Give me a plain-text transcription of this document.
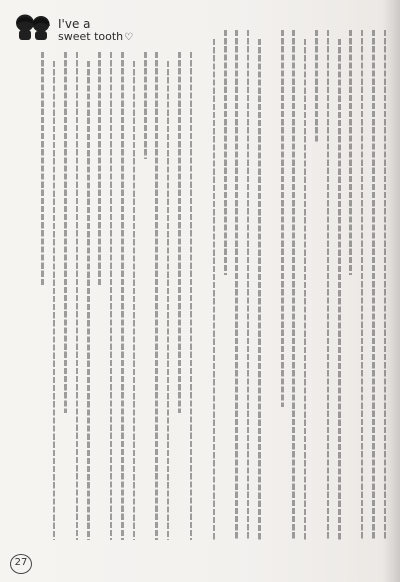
I've a
sweet tooth♡
27
